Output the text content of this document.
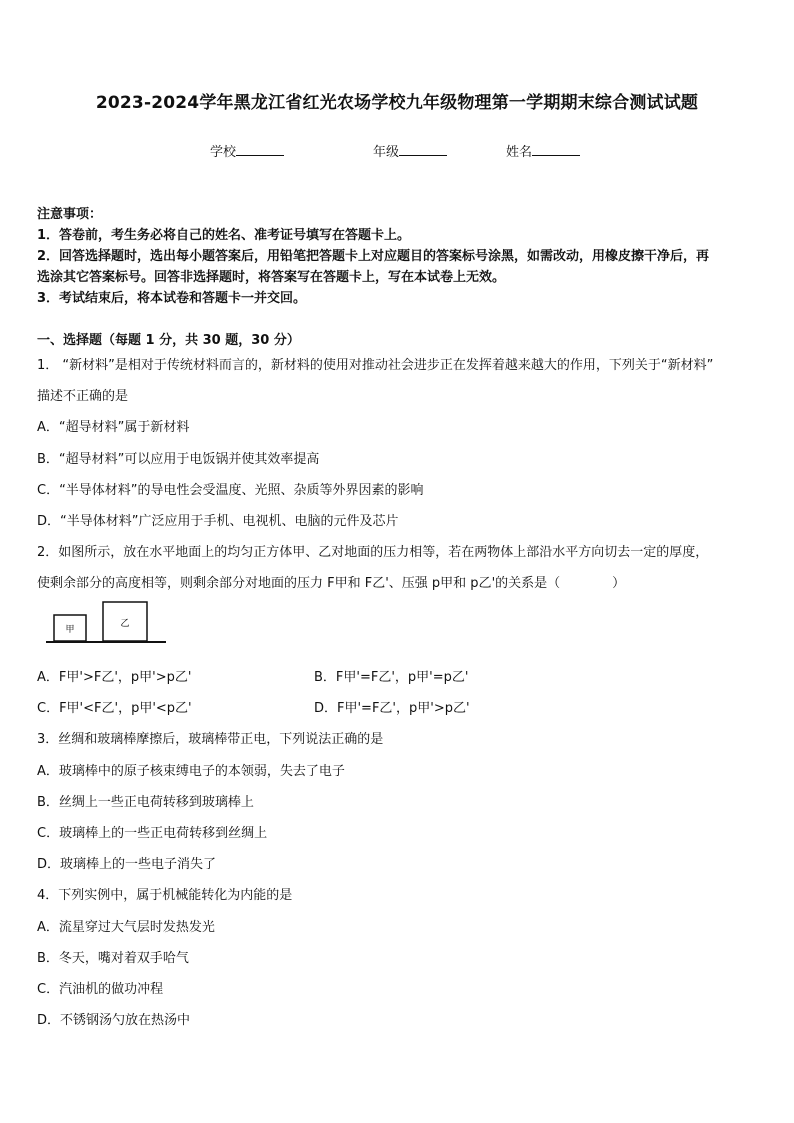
2023-2024学年黑龙江省红光农场学校九年级物理第一学期期末综合测试试题
学校	年级	姓名
注意事项：
1．答卷前，考生务必将自己的姓名、准考证号填写在答题卡上。
2．回答选择题时，选出每小题答案后，用铅笔把答题卡上对应题目的答案标号涂黑，如需改动，用橡皮擦干净后，再
选涂其它答案标号。回答非选择题时，将答案写在答题卡上，写在本试卷上无效。
3．考试结束后，将本试卷和答题卡一并交回。
一、选择题（每题 1 分，共 30 题，30 分）
1． “新材料”是相对于传统材料而言的，新材料的使用对推动社会进步正在发挥着越来越大的作用，下列关于“新材料”
描述不正确的是
A．“超导材料”属于新材料
B．“超导材料”可以应用于电饭锅并使其效率提高
C．“半导体材料”的导电性会受温度、光照、杂质等外界因素的影响
D．“半导体材料”广泛应用于手机、电视机、电脑的元件及芯片
2．如图所示，放在水平地面上的均匀正方体甲、乙对地面的压力相等，若在两物体上部沿水平方向切去一定的厚度，
使剩余部分的高度相等，则剩余部分对地面的压力 F甲和 F乙'、压强 p甲和 p乙'的关系是（　　　　）
甲
乙
A．F甲'>F乙'，p甲'>p乙'	B．F甲'=F乙'，p甲'=p乙'
C．F甲'<F乙'，p甲'<p乙'	D．F甲'=F乙'，p甲'>p乙'
3．丝绸和玻璃棒摩擦后，玻璃棒带正电，下列说法正确的是
A．玻璃棒中的原子核束缚电子的本领弱，失去了电子
B．丝绸上一些正电荷转移到玻璃棒上
C．玻璃棒上的一些正电荷转移到丝绸上
D．玻璃棒上的一些电子消失了
4．下列实例中，属于机械能转化为内能的是
A．流星穿过大气层时发热发光
B．冬天，嘴对着双手哈气
C．汽油机的做功冲程
D．不锈钢汤勺放在热汤中
